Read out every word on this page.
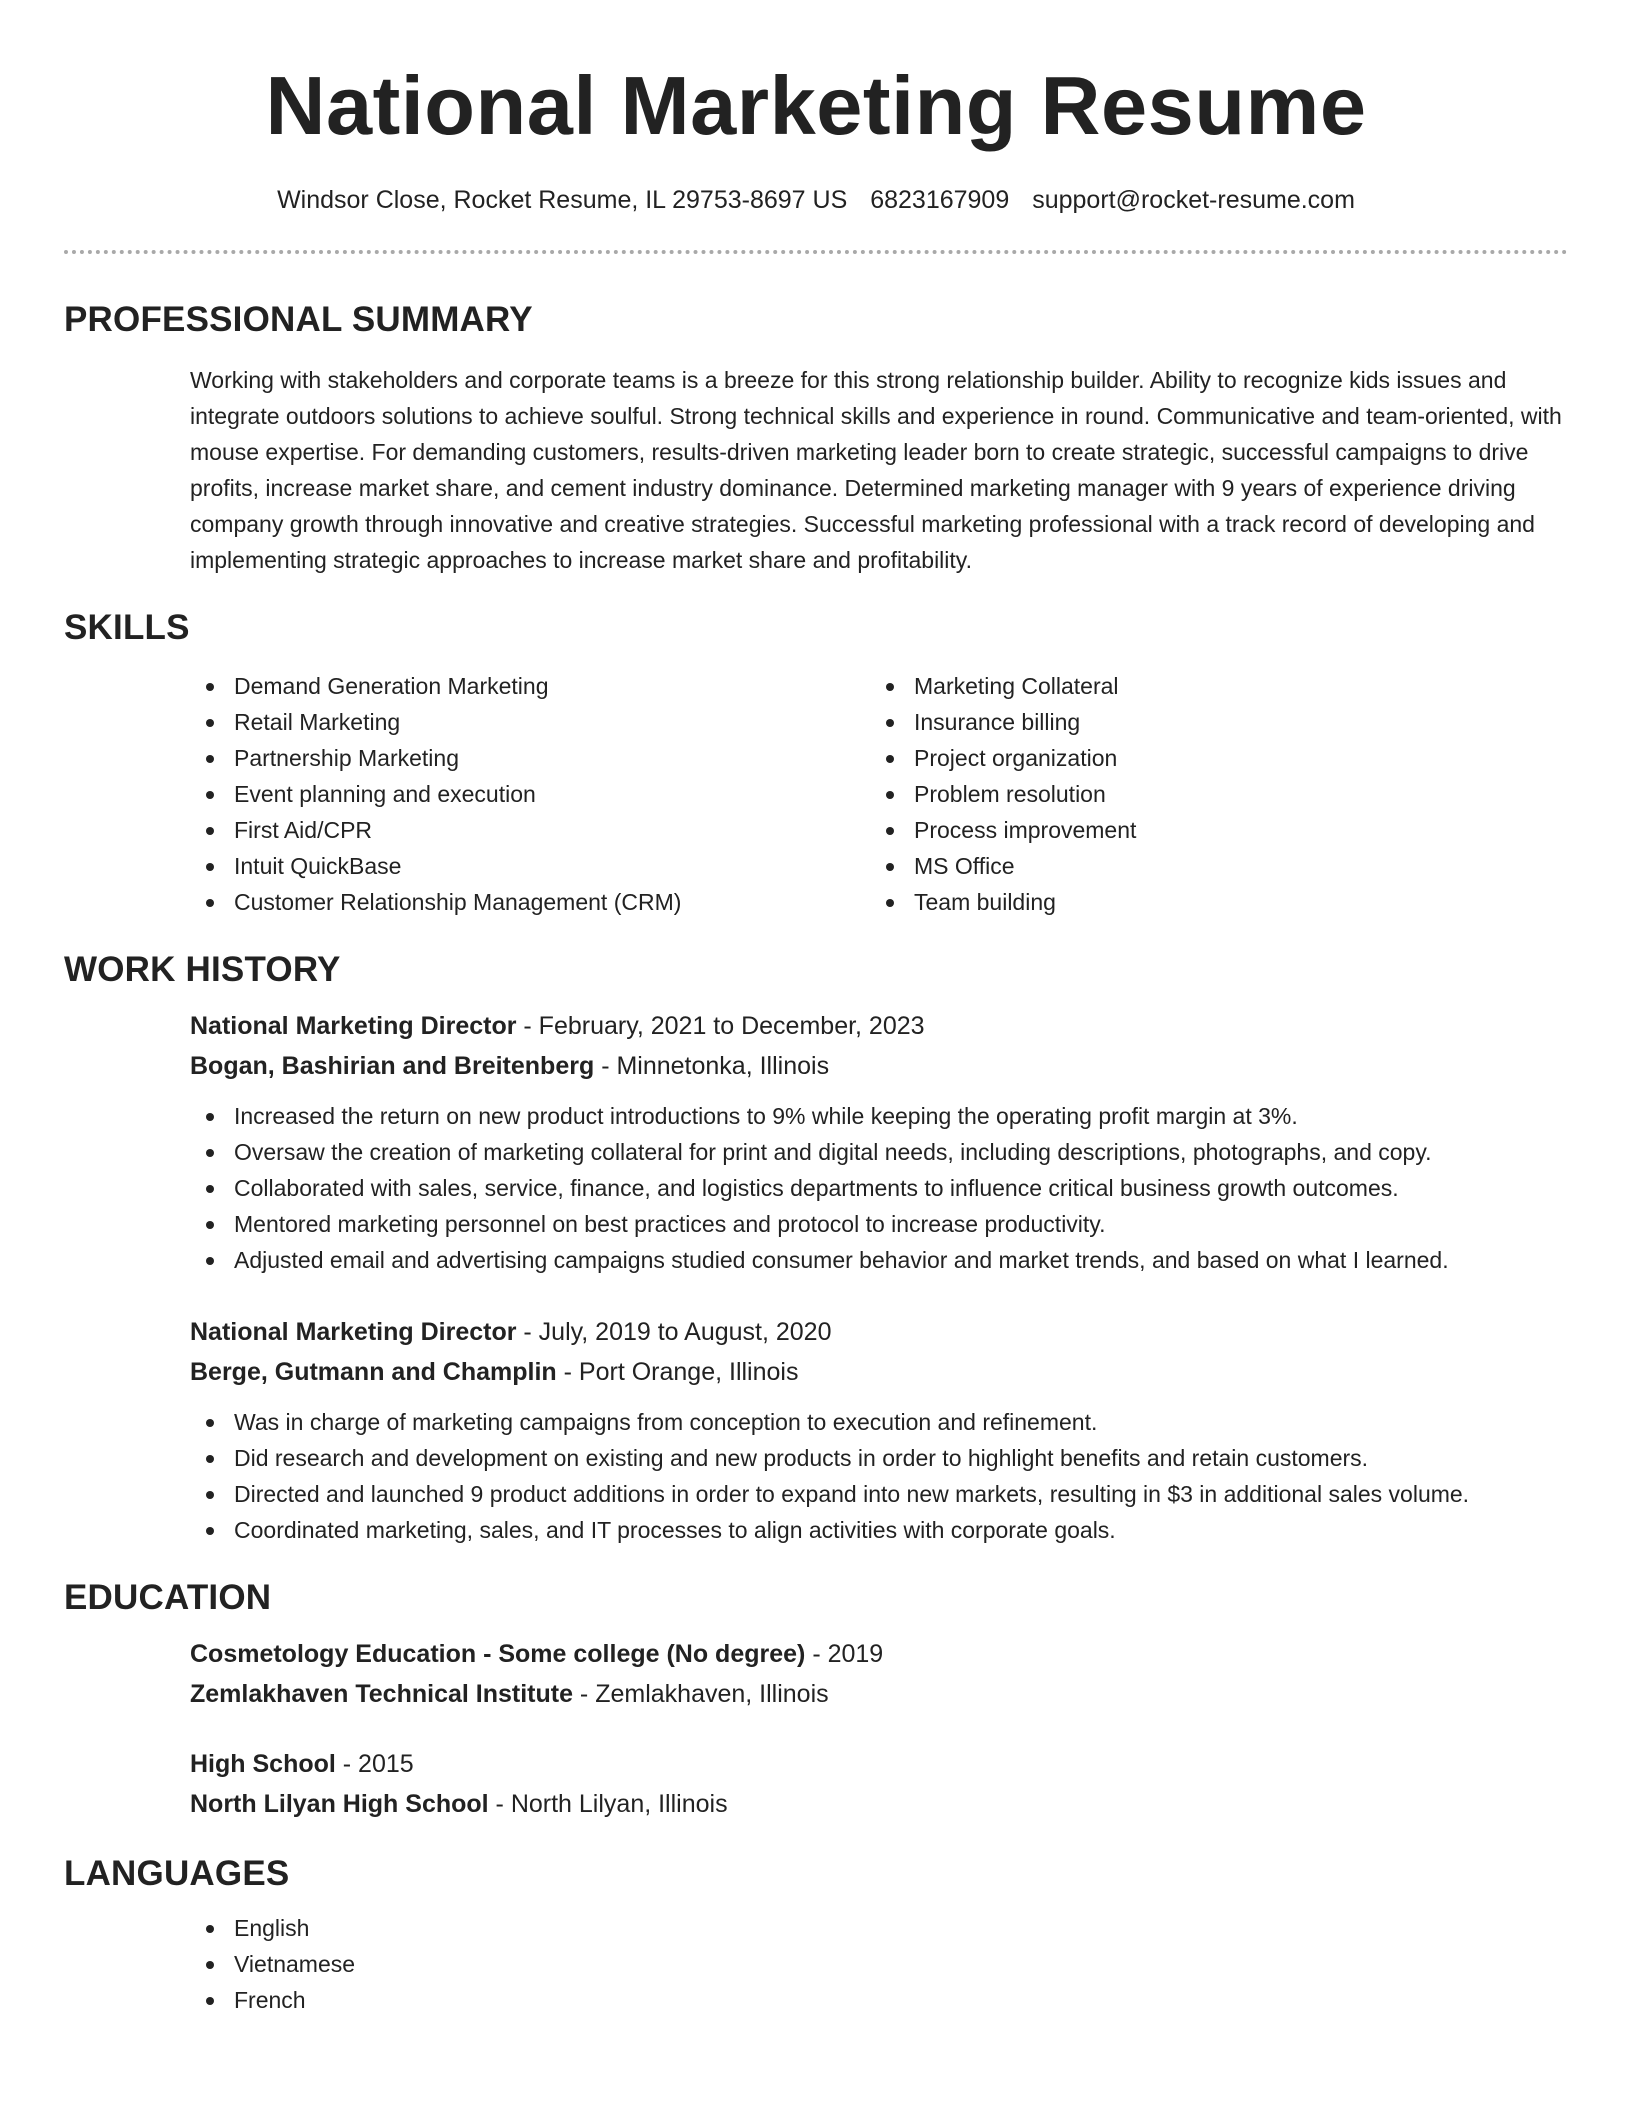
National Marketing Resume
Windsor Close, Rocket Resume, IL 29753-8697 US 6823167909 support@rocket-resume.com
PROFESSIONAL SUMMARY

Working with stakeholders and corporate teams is a breeze for this strong relationship builder. Ability to recognize kids issues and integrate outdoors solutions to achieve soulful. Strong technical skills and experience in round. Communicative and team-oriented, with mouse expertise. For demanding customers, results-driven marketing leader born to create strategic, successful campaigns to drive profits, increase market share, and cement industry dominance. Determined marketing manager with 9 years of experience driving company growth through innovative and creative strategies. Successful marketing professional with a track record of developing and implementing strategic approaches to increase market share and profitability.

SKILLS
Demand Generation Marketing
Retail Marketing
Partnership Marketing
Event planning and execution
First Aid/CPR
Intuit QuickBase
Customer Relationship Management (CRM)
Marketing Collateral
Insurance billing
Project organization
Problem resolution
Process improvement
MS Office
Team building
WORK HISTORY
National Marketing Director - February, 2021 to December, 2023
Bogan, Bashirian and Breitenberg - Minnetonka, Illinois
Increased the return on new product introductions to 9% while keeping the operating profit margin at 3%.
Oversaw the creation of marketing collateral for print and digital needs, including descriptions, photographs, and copy.
Collaborated with sales, service, finance, and logistics departments to influence critical business growth outcomes.
Mentored marketing personnel on best practices and protocol to increase productivity.
Adjusted email and advertising campaigns studied consumer behavior and market trends, and based on what I learned.
National Marketing Director - July, 2019 to August, 2020
Berge, Gutmann and Champlin - Port Orange, Illinois
Was in charge of marketing campaigns from conception to execution and refinement.
Did research and development on existing and new products in order to highlight benefits and retain customers.
Directed and launched 9 product additions in order to expand into new markets, resulting in $3 in additional sales volume.
Coordinated marketing, sales, and IT processes to align activities with corporate goals.
EDUCATION
Cosmetology Education - Some college (No degree) - 2019
Zemlakhaven Technical Institute - Zemlakhaven, Illinois
High School - 2015
North Lilyan High School - North Lilyan, Illinois
LANGUAGES
English
Vietnamese
French
